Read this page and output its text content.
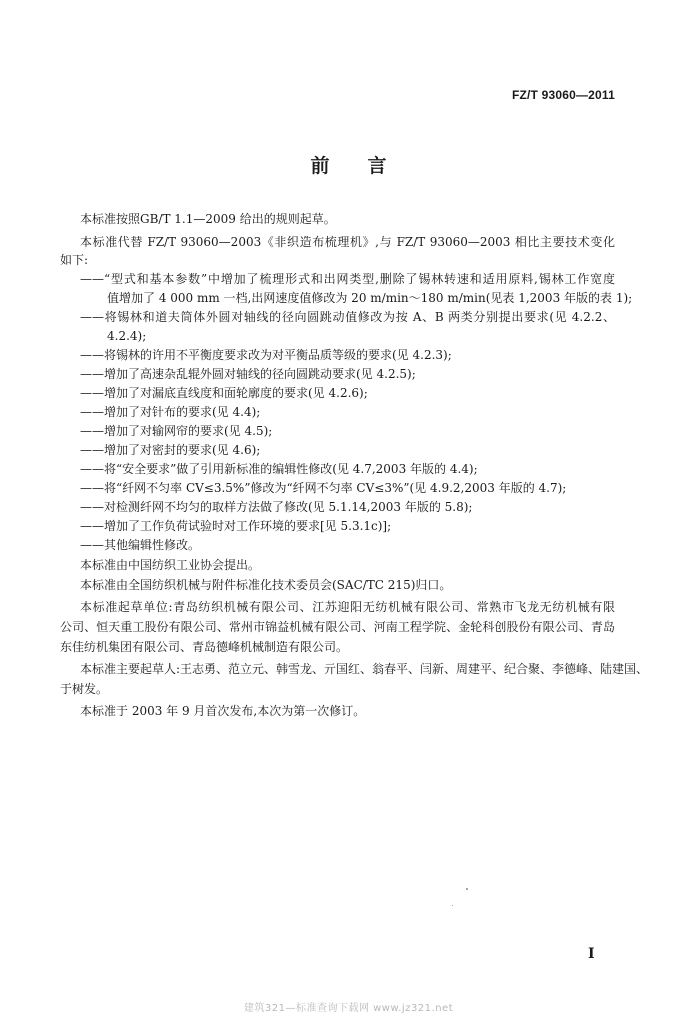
FZ/T 93060—2011
前言
本标准按照GB/T 1.1—2009 给出的规则起草。
本标准代替 FZ/T 93060—2003《非织造布梳理机》,与 FZ/T 93060—2003 相比主要技术变化
如下:
——“型式和基本参数”中增加了梳理形式和出网类型,删除了锡林转速和适用原料,锡林工作宽度
值增加了 4 000 mm 一档,出网速度值修改为 20 m/min～180 m/min(见表 1,2003 年版的表 1);
——将锡林和道夫筒体外圆对轴线的径向圆跳动值修改为按 A、B 两类分别提出要求(见 4.2.2、
4.2.4);
——将锡林的许用不平衡度要求改为对平衡品质等级的要求(见 4.2.3);
——增加了高速杂乱辊外圆对轴线的径向圆跳动要求(见 4.2.5);
——增加了对漏底直线度和面轮廓度的要求(见 4.2.6);
——增加了对针布的要求(见 4.4);
——增加了对输网帘的要求(见 4.5);
——增加了对密封的要求(见 4.6);
——将“安全要求”做了引用新标准的编辑性修改(见 4.7,2003 年版的 4.4);
——将“纤网不匀率 CV≤3.5%”修改为“纤网不匀率 CV≤3%”(见 4.9.2,2003 年版的 4.7);
——对检测纤网不均匀的取样方法做了修改(见 5.1.14,2003 年版的 5.8);
——增加了工作负荷试验时对工作环境的要求[见 5.3.1c)];
——其他编辑性修改。
本标准由中国纺织工业协会提出。
本标准由全国纺织机械与附件标准化技术委员会(SAC/TC 215)归口。
本标准起草单位:青岛纺织机械有限公司、江苏迎阳无纺机械有限公司、常熟市飞龙无纺机械有限
公司、恒天重工股份有限公司、常州市锦益机械有限公司、河南工程学院、金轮科创股份有限公司、青岛
东佳纺机集团有限公司、青岛德峰机械制造有限公司。
本标准主要起草人:王志勇、范立元、韩雪龙、亓国红、翁春平、闫新、周建平、纪合聚、李德峰、陆建国、
于树发。
本标准于 2003 年 9 月首次发布,本次为第一次修订。
I
建筑321—标准查询下载网 www.jz321.net
